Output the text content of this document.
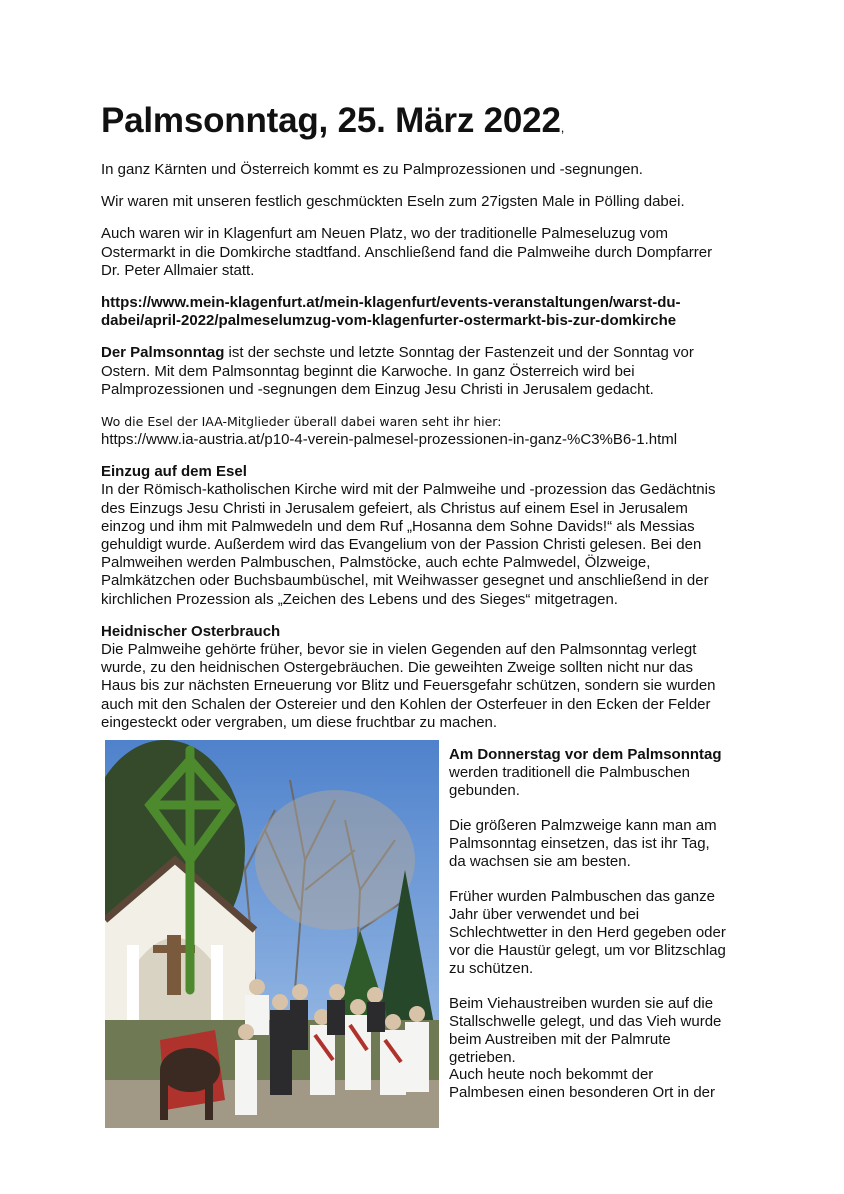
Palmsonntag, 25. März 2022,

In ganz Kärnten und Österreich kommt es zu Palmprozessionen und -segnungen.

Wir waren mit unseren festlich geschmückten Eseln zum 27igsten Male in Pölling dabei.

Auch waren wir in Klagenfurt am Neuen Platz, wo der traditionelle Palmeseluzug vom
Ostermarkt in die Domkirche stadtfand. Anschließend fand die Palmweihe durch Dompfarrer
Dr. Peter Allmaier statt.

https://www.mein-klagenfurt.at/mein-klagenfurt/events-veranstaltungen/warst-du-
dabei/april-2022/palmeselumzug-vom-klagenfurter-ostermarkt-bis-zur-domkirche

Der Palmsonntag ist der sechste und letzte Sonntag der Fastenzeit und der Sonntag vor
Ostern. Mit dem Palmsonntag beginnt die Karwoche. In ganz Österreich wird bei
Palmprozessionen und -segnungen dem Einzug Jesu Christi in Jerusalem gedacht.

Wo die Esel der IAA-Mitglieder überall dabei waren seht ihr hier:

https://www.ia-austria.at/p10-4-verein-palmesel-prozessionen-in-ganz-%C3%B6-1.html

Einzug auf dem Esel

In der Römisch-katholischen Kirche wird mit der Palmweihe und -prozession das Gedächtnis
des Einzugs Jesu Christi in Jerusalem gefeiert, als Christus auf einem Esel in Jerusalem
einzog und ihm mit Palmwedeln und dem Ruf „Hosanna dem Sohne Davids!“ als Messias
gehuldigt wurde. Außerdem wird das Evangelium von der Passion Christi gelesen. Bei den
Palmweihen werden Palmbuschen, Palmstöcke, auch echte Palmwedel, Ölzweige,
Palmkätzchen oder Buchsbaumbüschel, mit Weihwasser gesegnet und anschließend in der
kirchlichen Prozession als „Zeichen des Lebens und des Sieges“ mitgetragen.

Heidnischer Osterbrauch

Die Palmweihe gehörte früher, bevor sie in vielen Gegenden auf den Palmsonntag verlegt
wurde, zu den heidnischen Ostergebräuchen. Die geweihten Zweige sollten nicht nur das
Haus bis zur nächsten Erneuerung vor Blitz und Feuersgefahr schützen, sondern sie wurden
auch mit den Schalen der Ostereier und den Kohlen der Osterfeuer in den Ecken der Felder
eingesteckt oder vergraben, um diese fruchtbar zu machen.

Am Donnerstag vor dem Palmsonntag

werden traditionell die Palmbuschen
gebunden.

Die größeren Palmzweige kann man am
Palmsonntag einsetzen, das ist ihr Tag,
da wachsen sie am besten.

Früher wurden Palmbuschen das ganze
Jahr über verwendet und bei
Schlechtwetter in den Herd gegeben oder
vor die Haustür gelegt, um vor Blitzschlag
zu schützen.

Beim Viehaustreiben wurden sie auf die
Stallschwelle gelegt, und das Vieh wurde
beim Austreiben mit der Palmrute
getrieben.
Auch heute noch bekommt der
Palmbesen einen besonderen Ort in der
